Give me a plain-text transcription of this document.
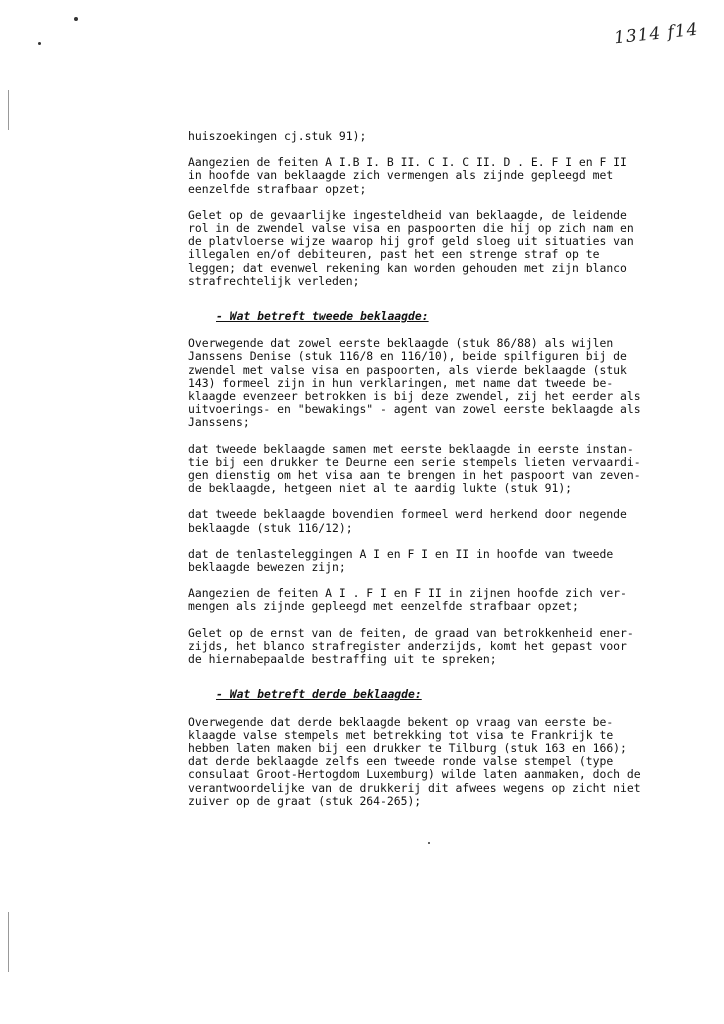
1314 f14
huiszoekingen cj.stuk 91);
Aangezien de feiten A I.B I. B II. C I. C II. D . E. F I en F II
in hoofde van beklaagde zich vermengen als zijnde gepleegd met
eenzelfde strafbaar opzet;
Gelet op de gevaarlijke ingesteldheid van beklaagde, de leidende
rol in de zwendel valse visa en paspoorten die hij op zich nam en
de platvloerse wijze waarop hij grof geld sloeg uit situaties van
illegalen en/of debiteuren, past het een strenge straf op te
leggen; dat evenwel rekening kan worden gehouden met zijn blanco
strafrechtelijk verleden;
- Wat betreft tweede beklaagde:
Overwegende dat zowel eerste beklaagde (stuk 86/88) als wijlen
Janssens Denise (stuk 116/8 en 116/10), beide spilfiguren bij de
zwendel met valse visa en paspoorten, als vierde beklaagde (stuk
143) formeel zijn in hun verklaringen, met name dat tweede be-
klaagde evenzeer betrokken is bij deze zwendel, zij het eerder als
uitvoerings- en "bewakings" - agent van zowel eerste beklaagde als
Janssens;
dat tweede beklaagde samen met eerste beklaagde in eerste instan-
tie bij een drukker te Deurne een serie stempels lieten vervaardi-
gen dienstig om het visa aan te brengen in het paspoort van zeven-
de beklaagde, hetgeen niet al te aardig lukte (stuk 91);
dat tweede beklaagde bovendien formeel werd herkend door negende
beklaagde (stuk 116/12);
dat de tenlasteleggingen A I en F I en II in hoofde van tweede
beklaagde bewezen zijn;
Aangezien de feiten A I . F I en F II in zijnen hoofde zich ver-
mengen als zijnde gepleegd met eenzelfde strafbaar opzet;
Gelet op de ernst van de feiten, de graad van betrokkenheid ener-
zijds, het blanco strafregister anderzijds, komt het gepast voor
de hiernabepaalde bestraffing uit te spreken;
- Wat betreft derde beklaagde:
Overwegende dat derde beklaagde bekent op vraag van eerste be-
klaagde valse stempels met betrekking tot visa te Frankrijk te
hebben laten maken bij een drukker te Tilburg (stuk 163 en 166);
dat derde beklaagde zelfs een tweede ronde valse stempel (type
consulaat Groot-Hertogdom Luxemburg) wilde laten aanmaken, doch de
verantwoordelijke van de drukkerij dit afwees wegens op zicht niet
zuiver op de graat (stuk 264-265);
